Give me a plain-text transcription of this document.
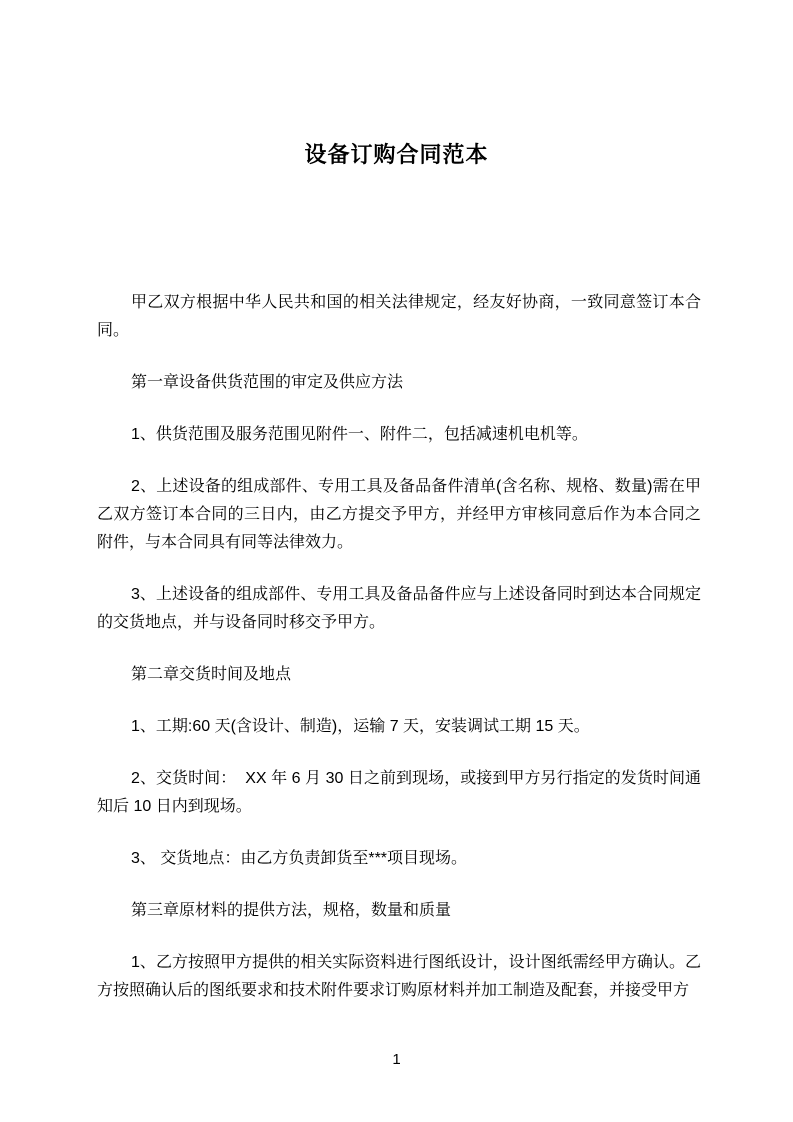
设备订购合同范本

甲乙双方根据中华人民共和国的相关法律规定，经友好协商，一致同意签订本合同。

第一章设备供货范围的审定及供应方法

1、供货范围及服务范围见附件一、附件二，包括减速机电机等。

2、上述设备的组成部件、专用工具及备品备件清单(含名称、规格、数量)需在甲乙双方签订本合同的三日内，由乙方提交予甲方，并经甲方审核同意后作为本合同之附件，与本合同具有同等法律效力。

3、上述设备的组成部件、专用工具及备品备件应与上述设备同时到达本合同规定的交货地点，并与设备同时移交予甲方。

第二章交货时间及地点

1、工期:60 天(含设计、制造)，运输 7 天，安装调试工期 15 天。

2、交货时间：  XX 年 6 月 30 日之前到现场，或接到甲方另行指定的发货时间通知后 10 日内到现场。

3、 交货地点：由乙方负责卸货至***项目现场。

第三章原材料的提供方法，规格，数量和质量

1、乙方按照甲方提供的相关实际资料进行图纸设计，设计图纸需经甲方确认。乙方按照确认后的图纸要求和技术附件要求订购原材料并加工制造及配套，并接受甲方

1
